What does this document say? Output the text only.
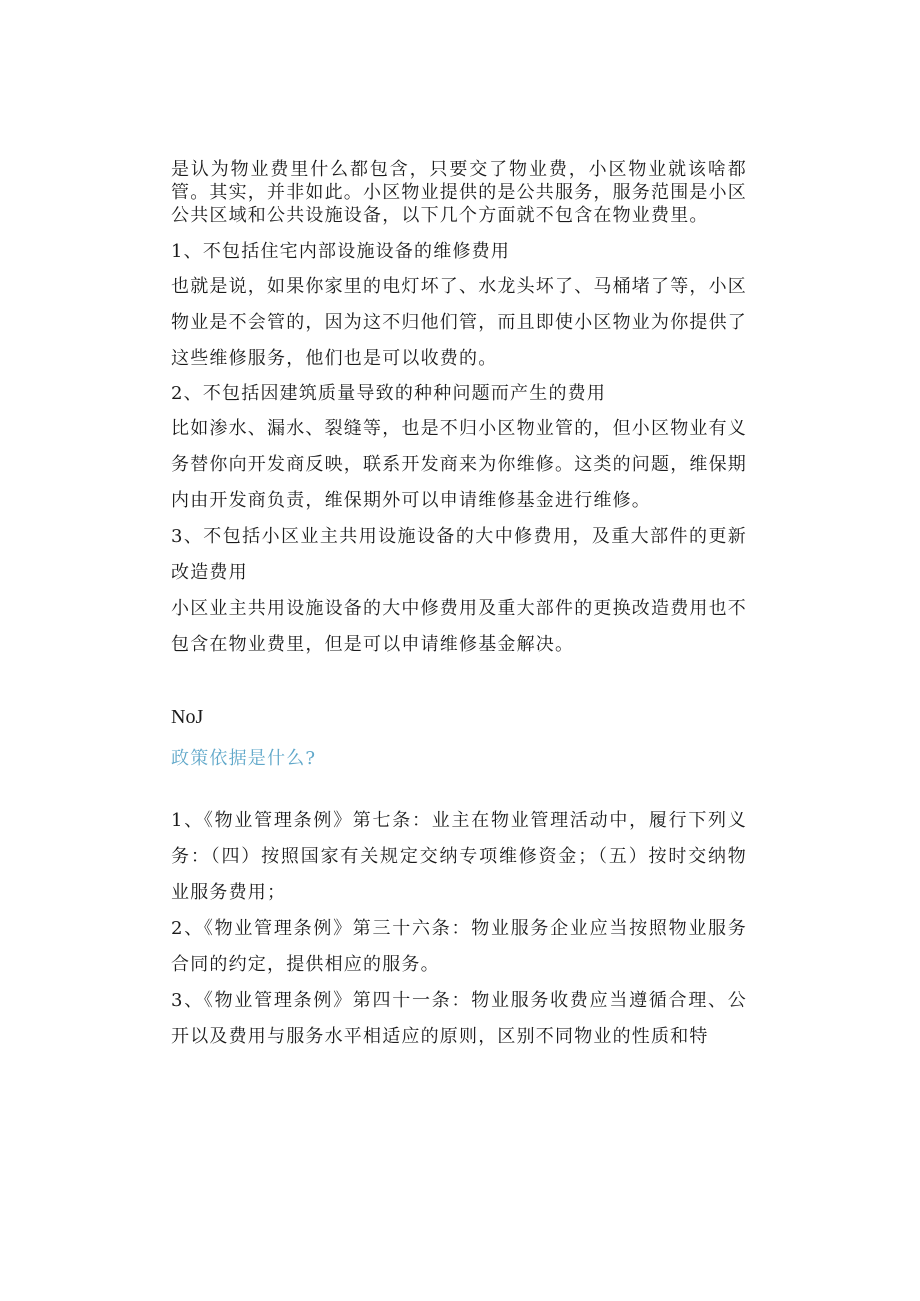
是认为物业费里什么都包含，只要交了物业费，小区物业就该啥都管。其实，并非如此。小区物业提供的是公共服务，服务范围是小区公共区域和公共设施设备，以下几个方面就不包含在物业费里。

1、不包括住宅内部设施设备的维修费用

也就是说，如果你家里的电灯坏了、水龙头坏了、马桶堵了等，小区物业是不会管的，因为这不归他们管，而且即使小区物业为你提供了这些维修服务，他们也是可以收费的。

2、不包括因建筑质量导致的种种问题而产生的费用

比如渗水、漏水、裂缝等，也是不归小区物业管的，但小区物业有义务替你向开发商反映，联系开发商来为你维修。这类的问题，维保期内由开发商负责，维保期外可以申请维修基金进行维修。

3、不包括小区业主共用设施设备的大中修费用，及重大部件的更新改造费用

小区业主共用设施设备的大中修费用及重大部件的更换改造费用也不包含在物业费里，但是可以申请维修基金解决。

NoJ

政策依据是什么?

1、《物业管理条例》第七条：业主在物业管理活动中，履行下列义务：（四）按照国家有关规定交纳专项维修资金；（五）按时交纳物业服务费用；

2、《物业管理条例》第三十六条：物业服务企业应当按照物业服务合同的约定，提供相应的服务。

3、《物业管理条例》第四十一条：物业服务收费应当遵循合理、公开以及费用与服务水平相适应的原则，区别不同物业的性质和特
